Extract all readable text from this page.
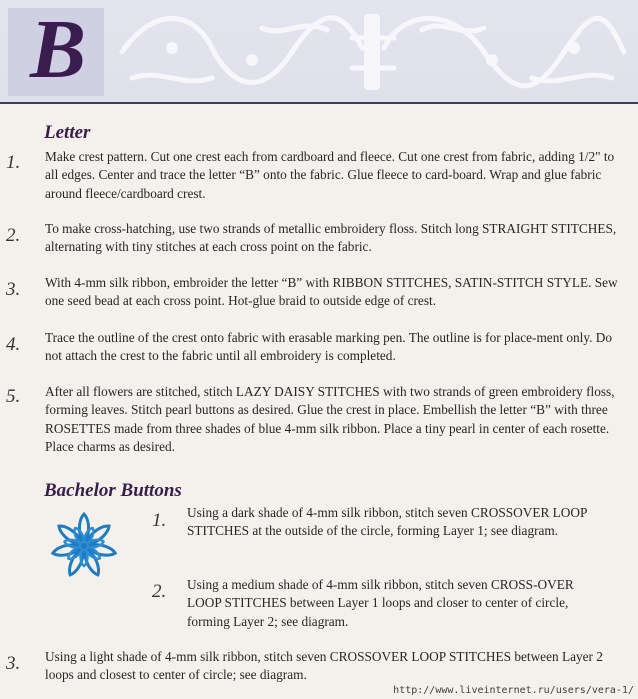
B
Letter
1. Make crest pattern. Cut one crest each from cardboard and fleece. Cut one crest from fabric, adding 1/2" to all edges. Center and trace the letter “B” onto the fabric. Glue fleece to card-board. Wrap and glue fabric around fleece/cardboard crest.
2. To make cross-hatching, use two strands of metallic embroidery floss. Stitch long STRAIGHT STITCHES, alternating with tiny stitches at each cross point on the fabric.
3. With 4-mm silk ribbon, embroider the letter “B” with RIBBON STITCHES, SATIN-STITCH STYLE. Sew one seed bead at each cross point. Hot-glue braid to outside edge of crest.
4. Trace the outline of the crest onto fabric with erasable marking pen. The outline is for place-ment only. Do not attach the crest to the fabric until all embroidery is completed.
5. After all flowers are stitched, stitch LAZY DAISY STITCHES with two strands of green embroidery floss, forming leaves. Stitch pearl buttons as desired. Glue the crest in place. Embellish the letter “B” with three ROSETTES made from three shades of blue 4-mm silk ribbon. Place a tiny pearl in center of each rosette. Place charms as desired.
Bachelor Buttons
1. Using a dark shade of 4-mm silk ribbon, stitch seven CROSSOVER LOOP STITCHES at the outside of the circle, forming Layer 1; see diagram.
2. Using a medium shade of 4-mm silk ribbon, stitch seven CROSS-OVER LOOP STITCHES between Layer 1 loops and closer to center of circle, forming Layer 2; see diagram.
3. Using a light shade of 4-mm silk ribbon, stitch seven CROSSOVER LOOP STITCHES between Layer 2 loops and closest to center of circle; see diagram.
http://www.liveinternet.ru/users/vera-1/
